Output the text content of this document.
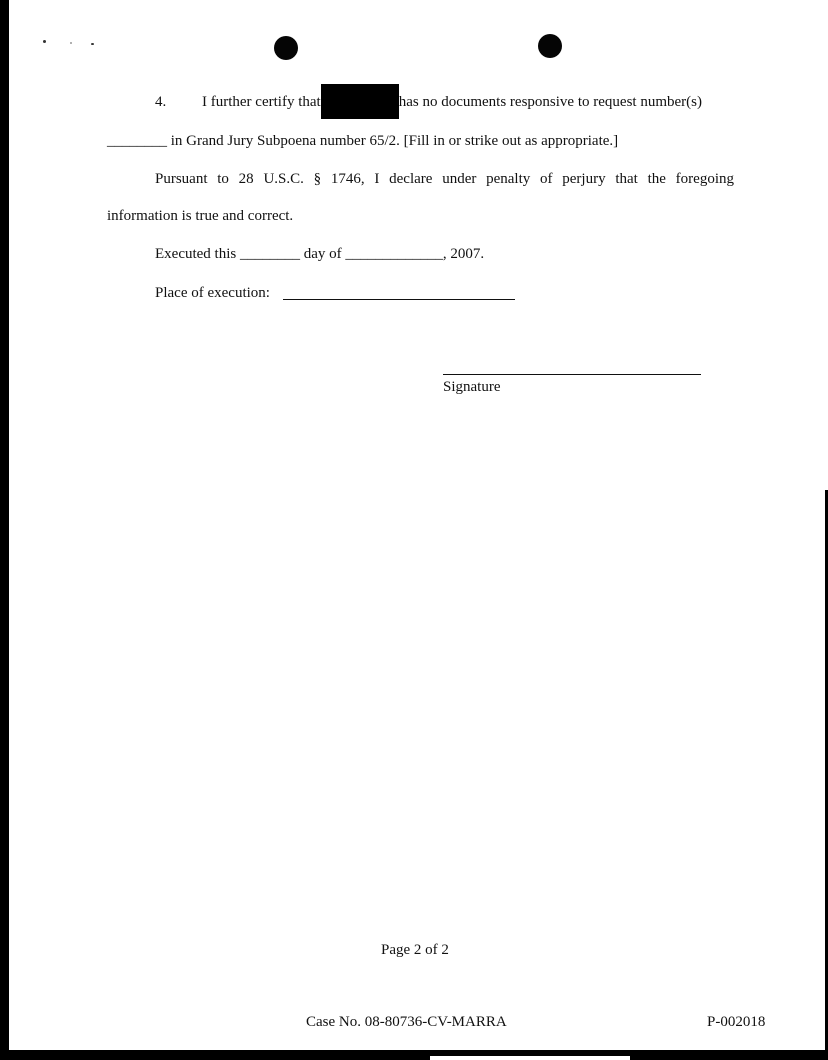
4. I further certify that	has no documents responsive to request number(s)
________ in Grand Jury Subpoena number 65/2. [Fill in or strike out as appropriate.]
Pursuant to 28 U.S.C. § 1746, I declare under penalty of perjury that the foregoing
information is true and correct.
Executed this ________ day of _____________, 2007.
Place of execution:
Signature
Page 2 of 2
Case No. 08-80736-CV-MARRA	P-002018
